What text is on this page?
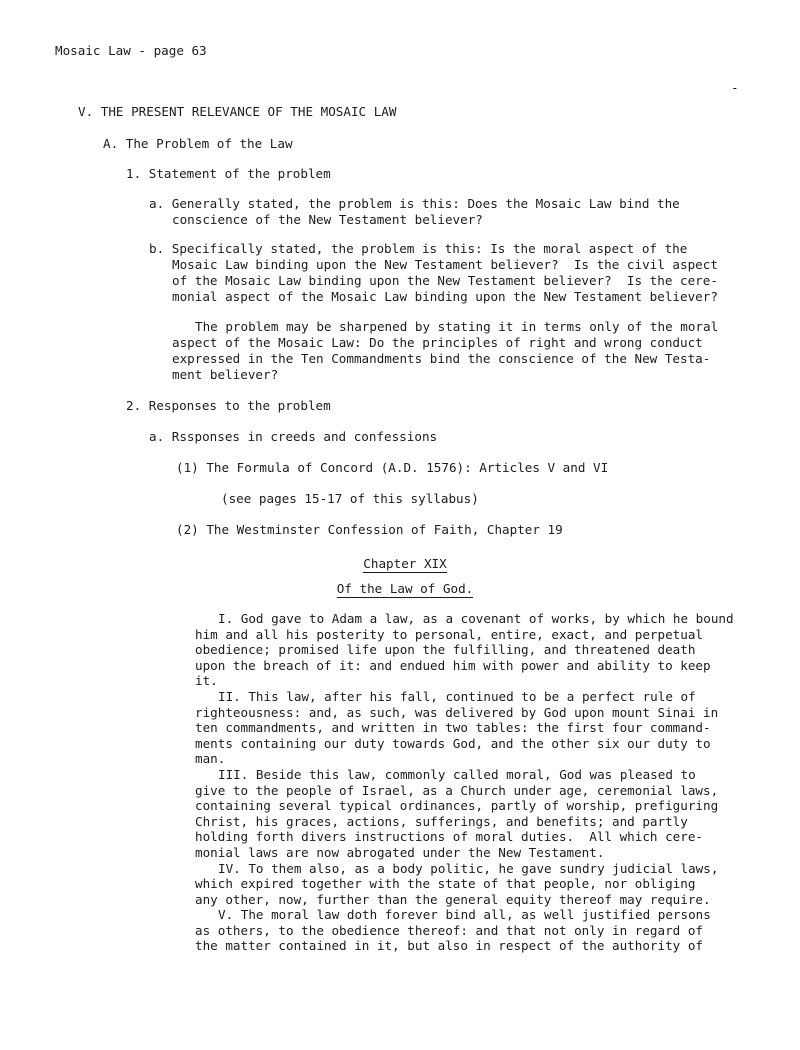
Mosaic Law - page 63
-
V. THE PRESENT RELEVANCE OF THE MOSAIC LAW
A. The Problem of the Law
1. Statement of the problem
a. Generally stated, the problem is this: Does the Mosaic Law bind the
conscience of the New Testament believer?
b. Specifically stated, the problem is this: Is the moral aspect of the
Mosaic Law binding upon the New Testament believer?  Is the civil aspect
of the Mosaic Law binding upon the New Testament believer?  Is the cere-
monial aspect of the Mosaic Law binding upon the New Testament believer?
The problem may be sharpened by stating it in terms only of the moral
aspect of the Mosaic Law: Do the principles of right and wrong conduct
expressed in the Ten Commandments bind the conscience of the New Testa-
ment believer?
2. Responses to the problem
a. Rssponses in creeds and confessions
(1) The Formula of Concord (A.D. 1576): Articles V and VI
(see pages 15-17 of this syllabus)
(2) The Westminster Confession of Faith, Chapter 19
Chapter XIX
Of the Law of God.
I. God gave to Adam a law, as a covenant of works, by which he bound
him and all his posterity to personal, entire, exact, and perpetual
obedience; promised life upon the fulfilling, and threatened death
upon the breach of it: and endued him with power and ability to keep
it.
II. This law, after his fall, continued to be a perfect rule of
righteousness: and, as such, was delivered by God upon mount Sinai in
ten commandments, and written in two tables: the first four command-
ments containing our duty towards God, and the other six our duty to
man.
III. Beside this law, commonly called moral, God was pleased to
give to the people of Israel, as a Church under age, ceremonial laws,
containing several typical ordinances, partly of worship, prefiguring
Christ, his graces, actions, sufferings, and benefits; and partly
holding forth divers instructions of moral duties.  All which cere-
monial laws are now abrogated under the New Testament.
IV. To them also, as a body politic, he gave sundry judicial laws,
which expired together with the state of that people, nor obliging
any other, now, further than the general equity thereof may require.
V. The moral law doth forever bind all, as well justified persons
as others, to the obedience thereof: and that not only in regard of
the matter contained in it, but also in respect of the authority of
